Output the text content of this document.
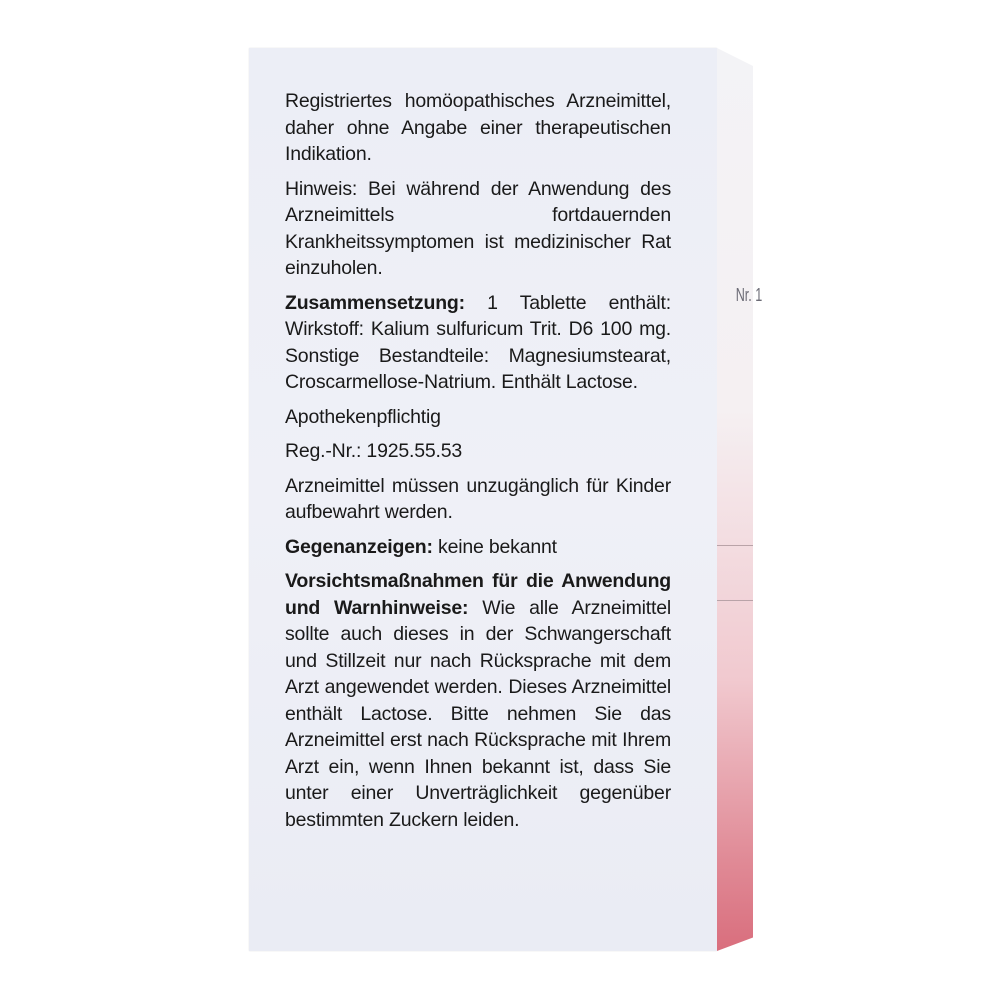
Nr. 1

Registriertes homöopathisches Arzneimittel, daher ohne Angabe einer therapeutischen Indikation.

Hinweis: Bei während der Anwendung des Arzneimittels fortdauernden Krankheitssymptomen ist medizinischer Rat einzuholen.

Zusammensetzung: 1 Tablette enthält: Wirkstoff: Kalium sulfuricum Trit. D6 100 mg. Sonstige Bestandteile: Magnesiumstearat, Croscarmellose-Natrium. Enthält Lactose.

Apothekenpflichtig

Reg.-Nr.: 1925.55.53

Arzneimittel müssen unzugänglich für Kinder aufbewahrt werden.

Gegenanzeigen: keine bekannt

Vorsichtsmaßnahmen für die Anwendung und Warnhinweise: Wie alle Arzneimittel sollte auch dieses in der Schwangerschaft und Stillzeit nur nach Rücksprache mit dem Arzt angewendet werden. Dieses Arzneimittel enthält Lactose. Bitte nehmen Sie das Arzneimittel erst nach Rücksprache mit Ihrem Arzt ein, wenn Ihnen bekannt ist, dass Sie unter einer Unverträglichkeit gegenüber bestimmten Zuckern leiden.
